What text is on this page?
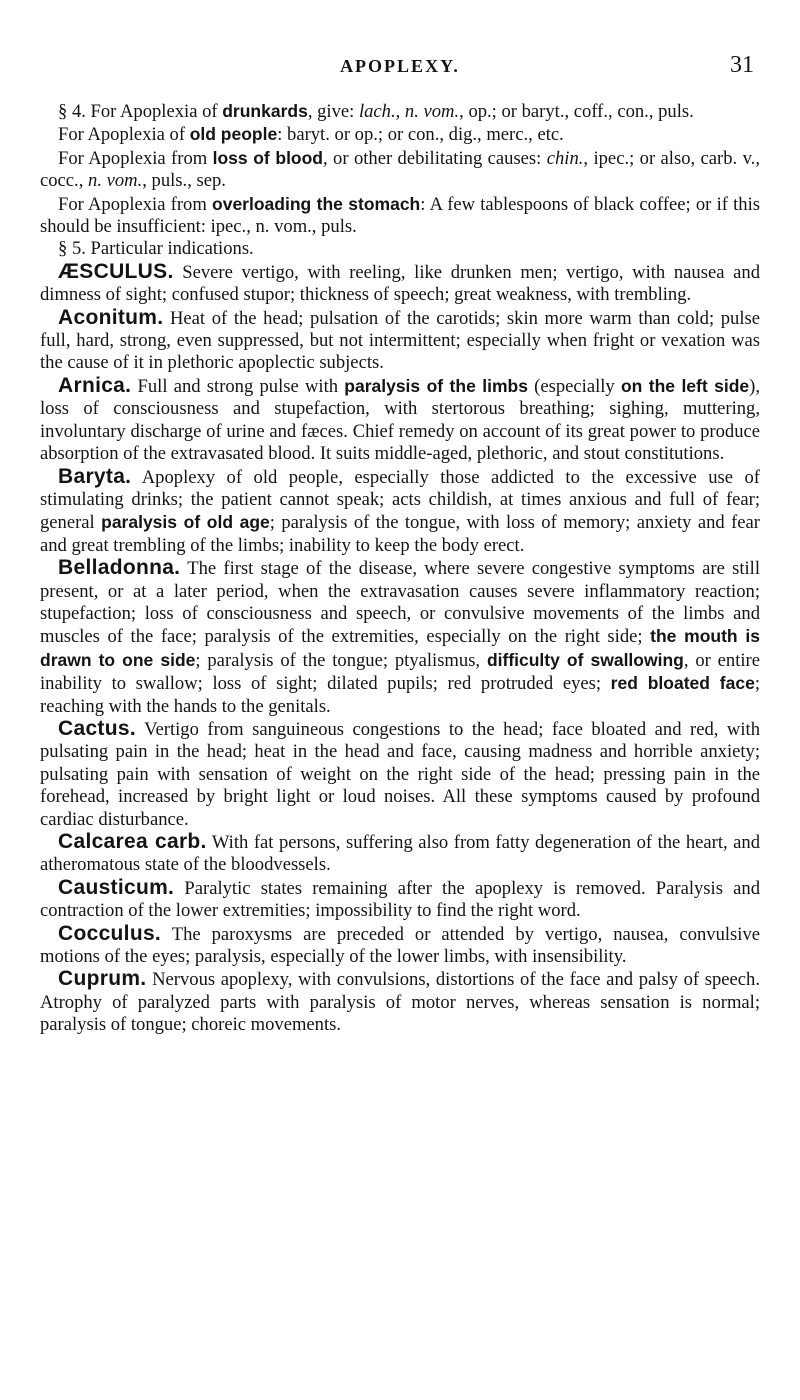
APOPLEXY.	31

§ 4. For Apoplexia of drunkards, give: lach., n. vom., op.; or baryt., coff., con., puls.

For Apoplexia of old people: baryt. or op.; or con., dig., merc., etc.

For Apoplexia from loss of blood, or other debilitating causes: chin., ipec.; or also, carb. v., cocc., n. vom., puls., sep.

For Apoplexia from overloading the stomach: A few tablespoons of black coffee; or if this should be insufficient: ipec., n. vom., puls.

§ 5. Particular indications.

ÆSCULUS. Severe vertigo, with reeling, like drunken men; vertigo, with nausea and dimness of sight; confused stupor; thickness of speech; great weakness, with trembling.

Aconitum. Heat of the head; pulsation of the carotids; skin more warm than cold; pulse full, hard, strong, even suppressed, but not intermittent; especially when fright or vexation was the cause of it in plethoric apoplectic subjects.

Arnica. Full and strong pulse with paralysis of the limbs (especially on the left side), loss of consciousness and stupefaction, with stertorous breathing; sighing, muttering, involuntary discharge of urine and fæces. Chief remedy on account of its great power to produce absorption of the extravasated blood. It suits middle-aged, plethoric, and stout constitutions.

Baryta. Apoplexy of old people, especially those addicted to the excessive use of stimulating drinks; the patient cannot speak; acts childish, at times anxious and full of fear; general paralysis of old age; paralysis of the tongue, with loss of memory; anxiety and fear and great trembling of the limbs; inability to keep the body erect.

Belladonna. The first stage of the disease, where severe congestive symptoms are still present, or at a later period, when the extravasation causes severe inflammatory reaction; stupefaction; loss of consciousness and speech, or convulsive movements of the limbs and muscles of the face; paralysis of the extremities, especially on the right side; the mouth is drawn to one side; paralysis of the tongue; ptyalismus, difficulty of swallowing, or entire inability to swallow; loss of sight; dilated pupils; red protruded eyes; red bloated face; reaching with the hands to the genitals.

Cactus. Vertigo from sanguineous congestions to the head; face bloated and red, with pulsating pain in the head; heat in the head and face, causing madness and horrible anxiety; pulsating pain with sensation of weight on the right side of the head; pressing pain in the forehead, increased by bright light or loud noises. All these symptoms caused by profound cardiac disturbance.

Calcarea carb. With fat persons, suffering also from fatty degeneration of the heart, and atheromatous state of the bloodvessels.

Causticum. Paralytic states remaining after the apoplexy is removed. Paralysis and contraction of the lower extremities; impossibility to find the right word.

Cocculus. The paroxysms are preceded or attended by vertigo, nausea, convulsive motions of the eyes; paralysis, especially of the lower limbs, with insensibility.

Cuprum. Nervous apoplexy, with convulsions, distortions of the face and palsy of speech. Atrophy of paralyzed parts with paralysis of motor nerves, whereas sensation is normal; paralysis of tongue; choreic movements.
